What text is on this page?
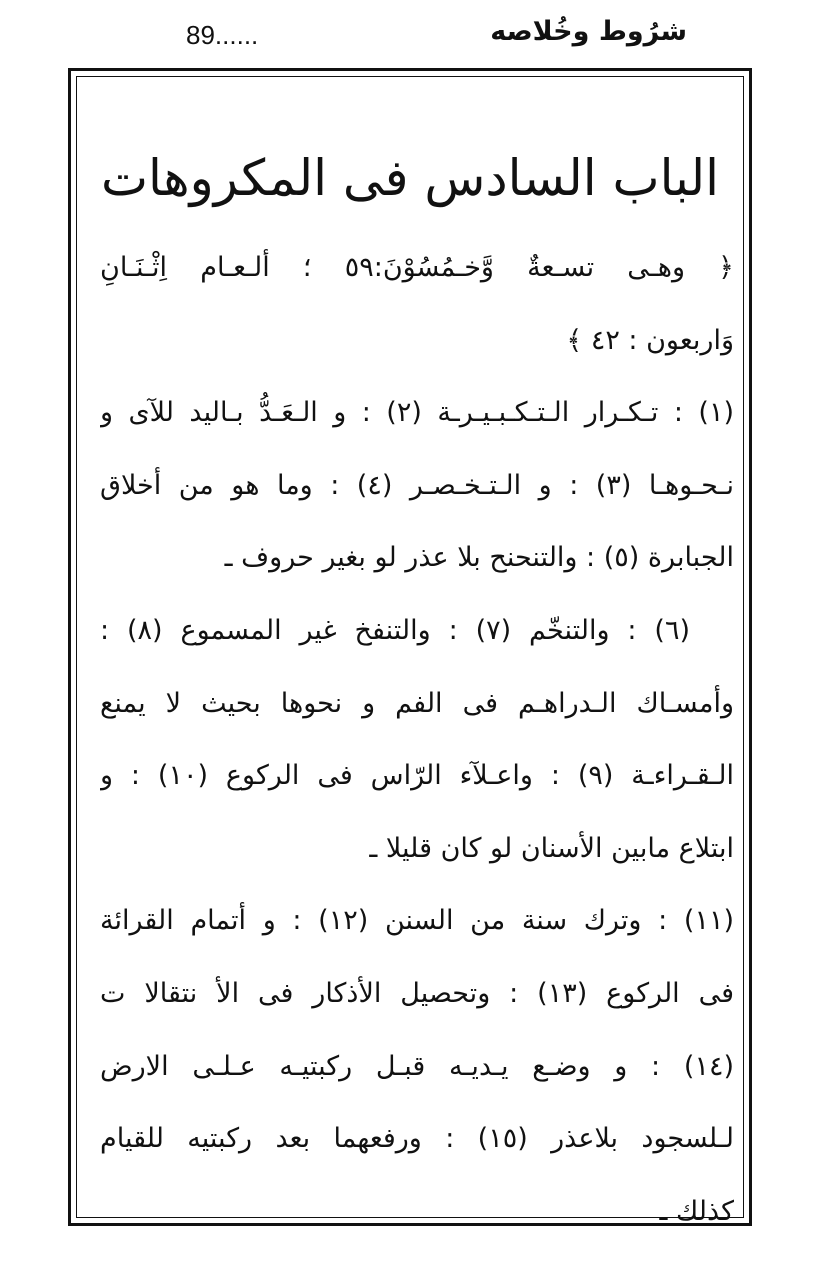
89......	شرُوط وخُلاصه
الباب السادس فى المكروهات
﴿ وهـى تسـعةٌ وَّخـمُسُوْنَ:٥٩ ؛ ألـعـام اِثْـنَـانِ
وَاربعون : ٤٢ ﴾
(١) : تـكـرار الـتـكـبـيـرـة (٢) : و الـعَـدُّ بـاليد للآى و
نـحـوهـا (٣) : و الـتـخـصـر (٤) : وما هو من أخلاق
الجبابرة (٥) : والتنحنح بلا عذر لو بغير حروف ـ
(٦) : والتنخّم (٧) : والتنفخ غير المسموع (٨) :
وأمسـاك الـدراهـم فى الفم و نحوها بحيث لا يمنع
الـقـراءـة (٩) : واعـلآء الرّاس فى الركوع (١٠) : و
ابتلاع مابين الأسنان لو كان قليلا ـ
(١١) : وترك سنة من السنن (١٢) : و أتمام القرائة
فى الركوع (١٣) : وتحصيل الأذكار فى الأ نتقالا ت
(١٤) : و وضـع يـديـه قبـل ركبتيـه عـلـى الارض
لـلسجود بلاعذر (١٥) : ورفعهما بعد ركبتيه للقيام
كذلك ـ
